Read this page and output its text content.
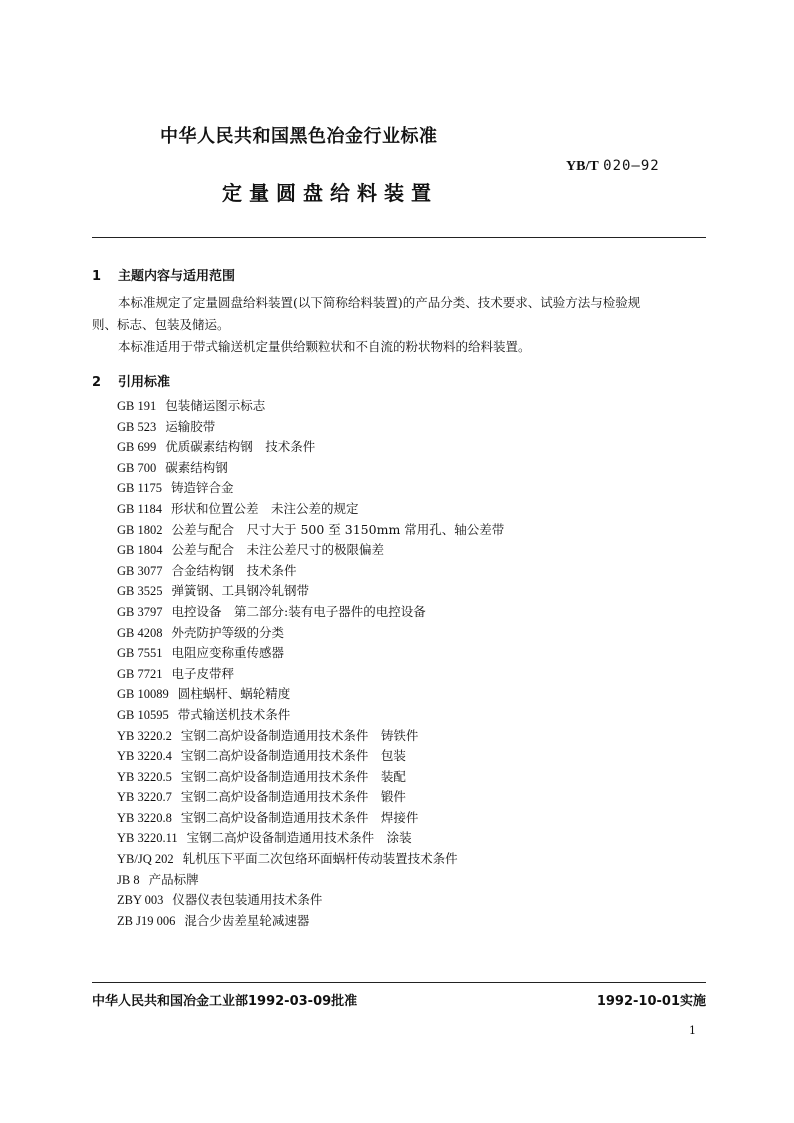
中华人民共和国黑色冶金行业标准
YB/T 020—92
定量圆盘给料装置
1 主题内容与适用范围
本标准规定了定量圆盘给料装置(以下简称给料装置)的产品分类、技术要求、试验方法与检验规
则、标志、包装及储运。
本标准适用于带式输送机定量供给颗粒状和不自流的粉状物料的给料装置。
2 引用标准
GB 191 包装储运图示标志
GB 523 运输胶带
GB 699 优质碳素结构钢　技术条件
GB 700 碳素结构钢
GB 1175 铸造锌合金
GB 1184 形状和位置公差　未注公差的规定
GB 1802 公差与配合　尺寸大于 500 至 3150mm 常用孔、轴公差带
GB 1804 公差与配合　未注公差尺寸的极限偏差
GB 3077 合金结构钢　技术条件
GB 3525 弹簧钢、工具钢冷轧钢带
GB 3797 电控设备　第二部分:装有电子器件的电控设备
GB 4208 外壳防护等级的分类
GB 7551 电阻应变称重传感器
GB 7721 电子皮带秤
GB 10089 圆柱蜗杆、蜗轮精度
GB 10595 带式输送机技术条件
YB 3220.2 宝钢二高炉设备制造通用技术条件　铸铁件
YB 3220.4 宝钢二高炉设备制造通用技术条件　包装
YB 3220.5 宝钢二高炉设备制造通用技术条件　装配
YB 3220.7 宝钢二高炉设备制造通用技术条件　锻件
YB 3220.8 宝钢二高炉设备制造通用技术条件　焊接件
YB 3220.11 宝钢二高炉设备制造通用技术条件　涂装
YB/JQ 202 轧机压下平面二次包络环面蜗杆传动装置技术条件
JB 8 产品标牌
ZBY 003 仪器仪表包装通用技术条件
ZB J19 006 混合少齿差星轮减速器
中华人民共和国冶金工业部1992-03-09批准	1992-10-01实施
1
